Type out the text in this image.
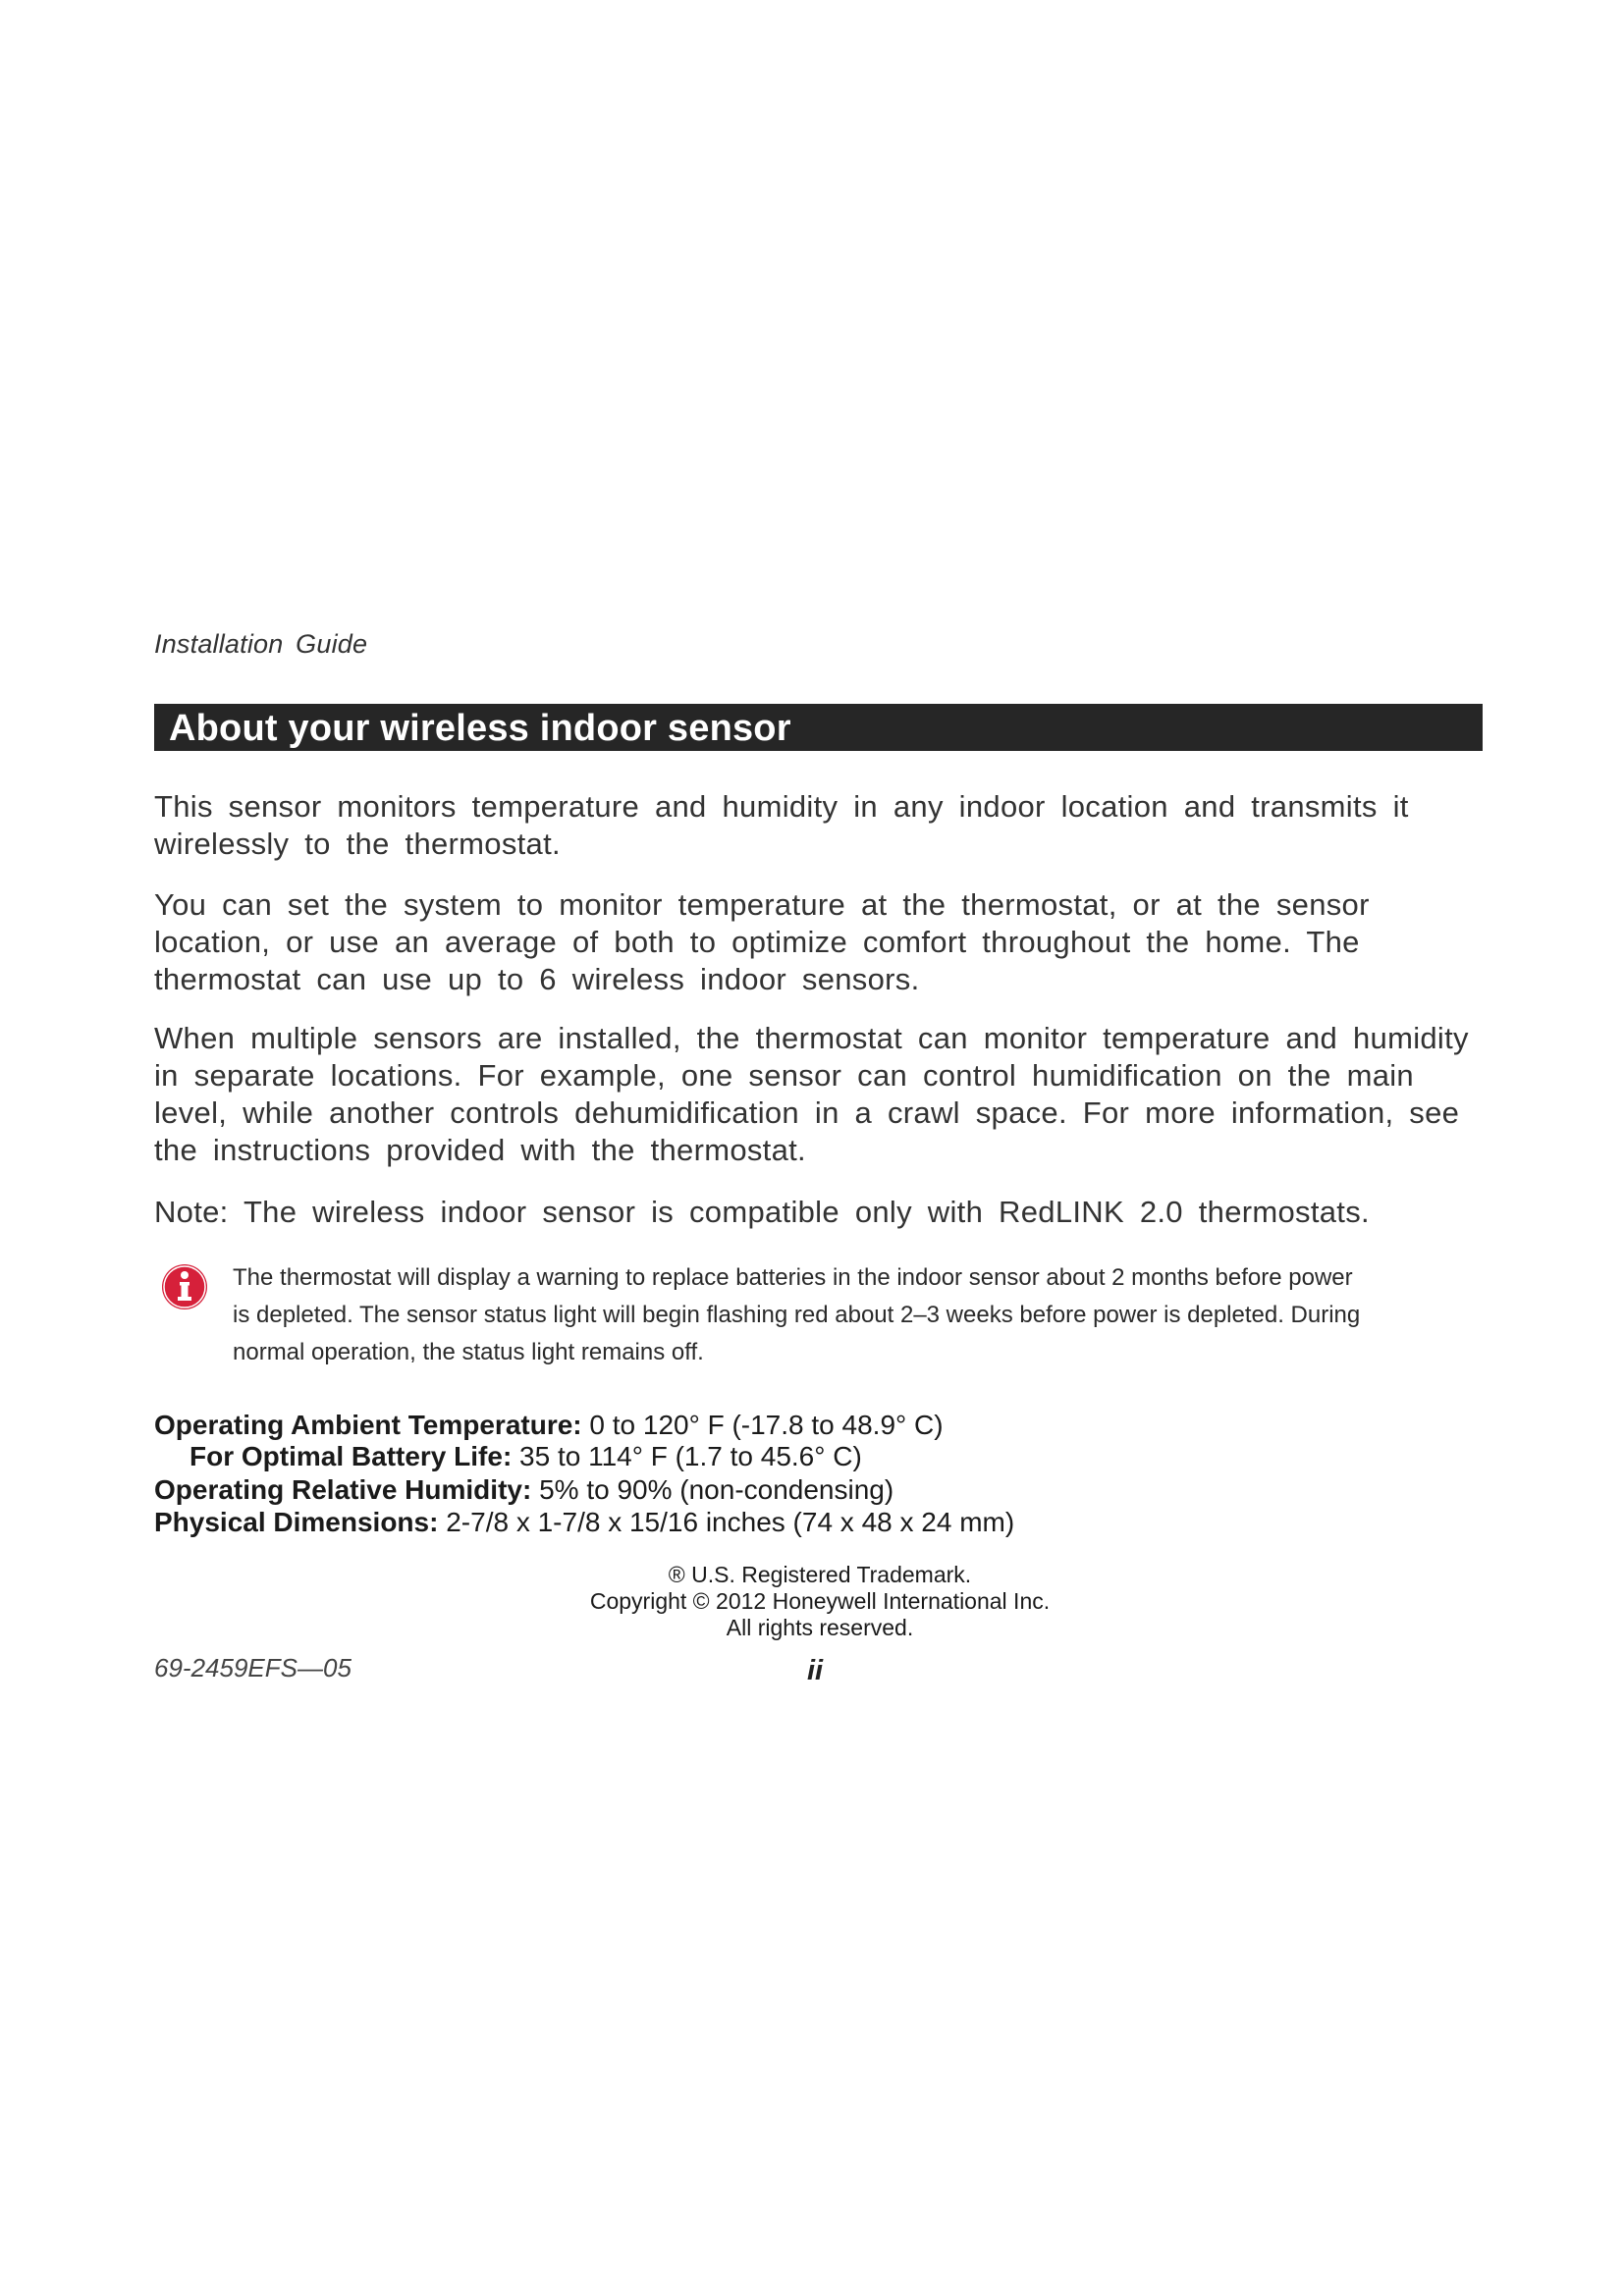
Installation Guide
About your wireless indoor sensor

This sensor monitors temperature and humidity in any indoor location and transmits it wirelessly to the thermostat.

You can set the system to monitor temperature at the thermostat, or at the sensor location, or use an average of both to optimize comfort throughout the home. The thermostat can use up to 6 wireless indoor sensors.

When multiple sensors are installed, the thermostat can monitor temperature and humidity in separate locations. For example, one sensor can control humidification on the main level, while another controls dehumidification in a crawl space. For more information, see the instructions provided with the thermostat.

Note: The wireless indoor sensor is compatible only with RedLINK 2.0 thermostats.

The thermostat will display a warning to replace batteries in the indoor sensor about 2 months before power is depleted. The sensor status light will begin flashing red about 2–3 weeks before power is depleted. During normal operation, the status light remains off.

Operating Ambient Temperature: 0 to 120° F (-17.8 to 48.9° C)
For Optimal Battery Life: 35 to 114° F (1.7 to 45.6° C)
Operating Relative Humidity: 5% to 90% (non-condensing)
Physical Dimensions: 2-7/8 x 1-7/8 x 15/16 inches (74 x 48 x 24 mm)
® U.S. Registered Trademark.
Copyright © 2012 Honeywell International Inc.
All rights reserved.
69-2459EFS—05	ii
